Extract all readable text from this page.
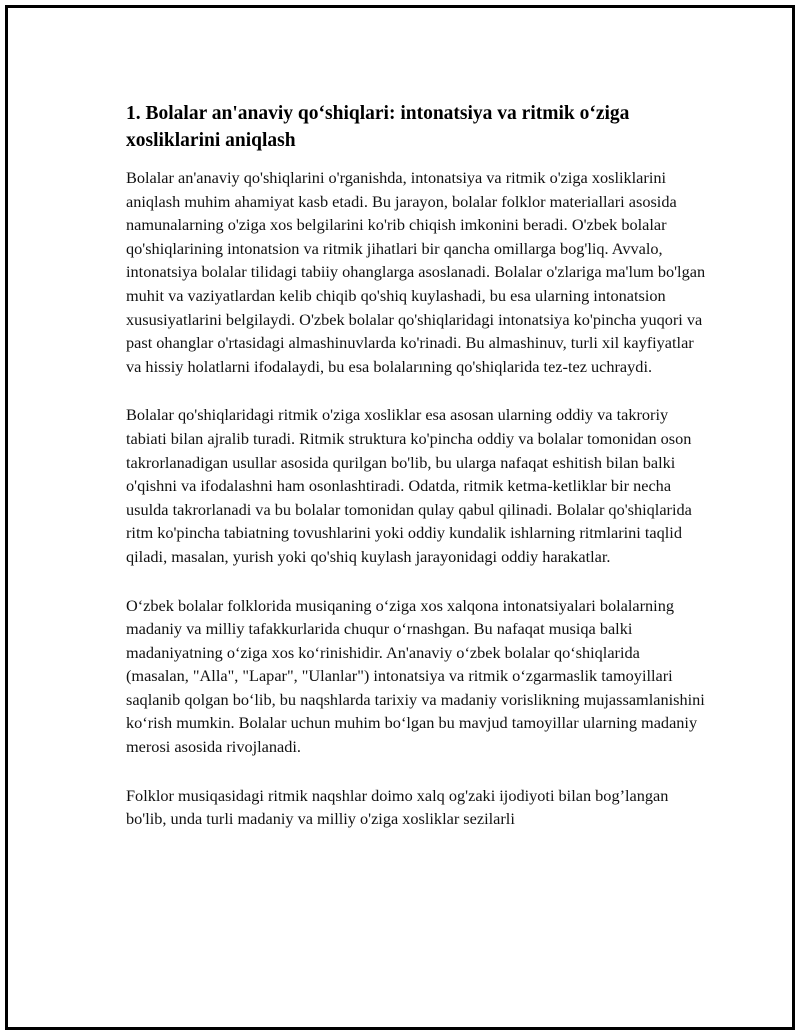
1. Bolalar an'anaviy qo‘shiqlari: intonatsiya va ritmik o‘ziga xosliklarini aniqlash

Bolalar an'anaviy qo'shiqlarini o'rganishda, intonatsiya va ritmik o'ziga xosliklarini aniqlash muhim ahamiyat kasb etadi. Bu jarayon, bolalar folklor materiallari asosida namunalarning o'ziga xos belgilarini ko'rib chiqish imkonini beradi. O'zbek bolalar qo'shiqlarining intonatsion va ritmik jihatlari bir qancha omillarga bog'liq. Avvalo, intonatsiya bolalar tilidagi tabiiy ohanglarga asoslanadi. Bolalar o'zlariga ma'lum bo'lgan muhit va vaziyatlardan kelib chiqib qo'shiq kuylashadi, bu esa ularning intonatsion xususiyatlarini belgilaydi. O'zbek bolalar qo'shiqlaridagi intonatsiya ko'pincha yuqori va past ohanglar o'rtasidagi almashinuvlarda ko'rinadi. Bu almashinuv, turli xil kayfiyatlar va hissiy holatlarni ifodalaydi, bu esa bolalarıning qo'shiqlarida tez-tez uchraydi.

Bolalar qo'shiqlaridagi ritmik o'ziga xosliklar esa asosan ularning oddiy va takroriy tabiati bilan ajralib turadi. Ritmik struktura ko'pincha oddiy va bolalar tomonidan oson takrorlanadigan usullar asosida qurilgan bo'lib, bu ularga nafaqat eshitish bilan balki o'qishni va ifodalashni ham osonlashtiradi. Odatda, ritmik ketma-ketliklar bir necha usulda takrorlanadi va bu bolalar tomonidan qulay qabul qilinadi. Bolalar qo'shiqlarida ritm ko'pincha tabiatning tovushlarini yoki oddiy kundalik ishlarning ritmlarini taqlid qiladi, masalan, yurish yoki qo'shiq kuylash jarayonidagi oddiy harakatlar.

O‘zbek bolalar folklorida musiqaning o‘ziga xos xalqona intonatsiyalari bolalarning madaniy va milliy tafakkurlarida chuqur o‘rnashgan. Bu nafaqat musiqa balki madaniyatning o‘ziga xos ko‘rinishidir. An'anaviy o‘zbek bolalar qo‘shiqlarida (masalan, "Alla", "Lapar", "Ulanlar") intonatsiya va ritmik o‘zgarmaslik tamoyillari saqlanib qolgan bo‘lib, bu naqshlarda tarixiy va madaniy vorislikning mujassamlanishini ko‘rish mumkin. Bolalar uchun muhim bo‘lgan bu mavjud tamoyillar ularning madaniy merosi asosida rivojlanadi.

Folklor musiqasidagi ritmik naqshlar doimo xalq og'zaki ijodiyoti bilan bog’langan bo'lib, unda turli madaniy va milliy o'ziga xosliklar sezilarli
